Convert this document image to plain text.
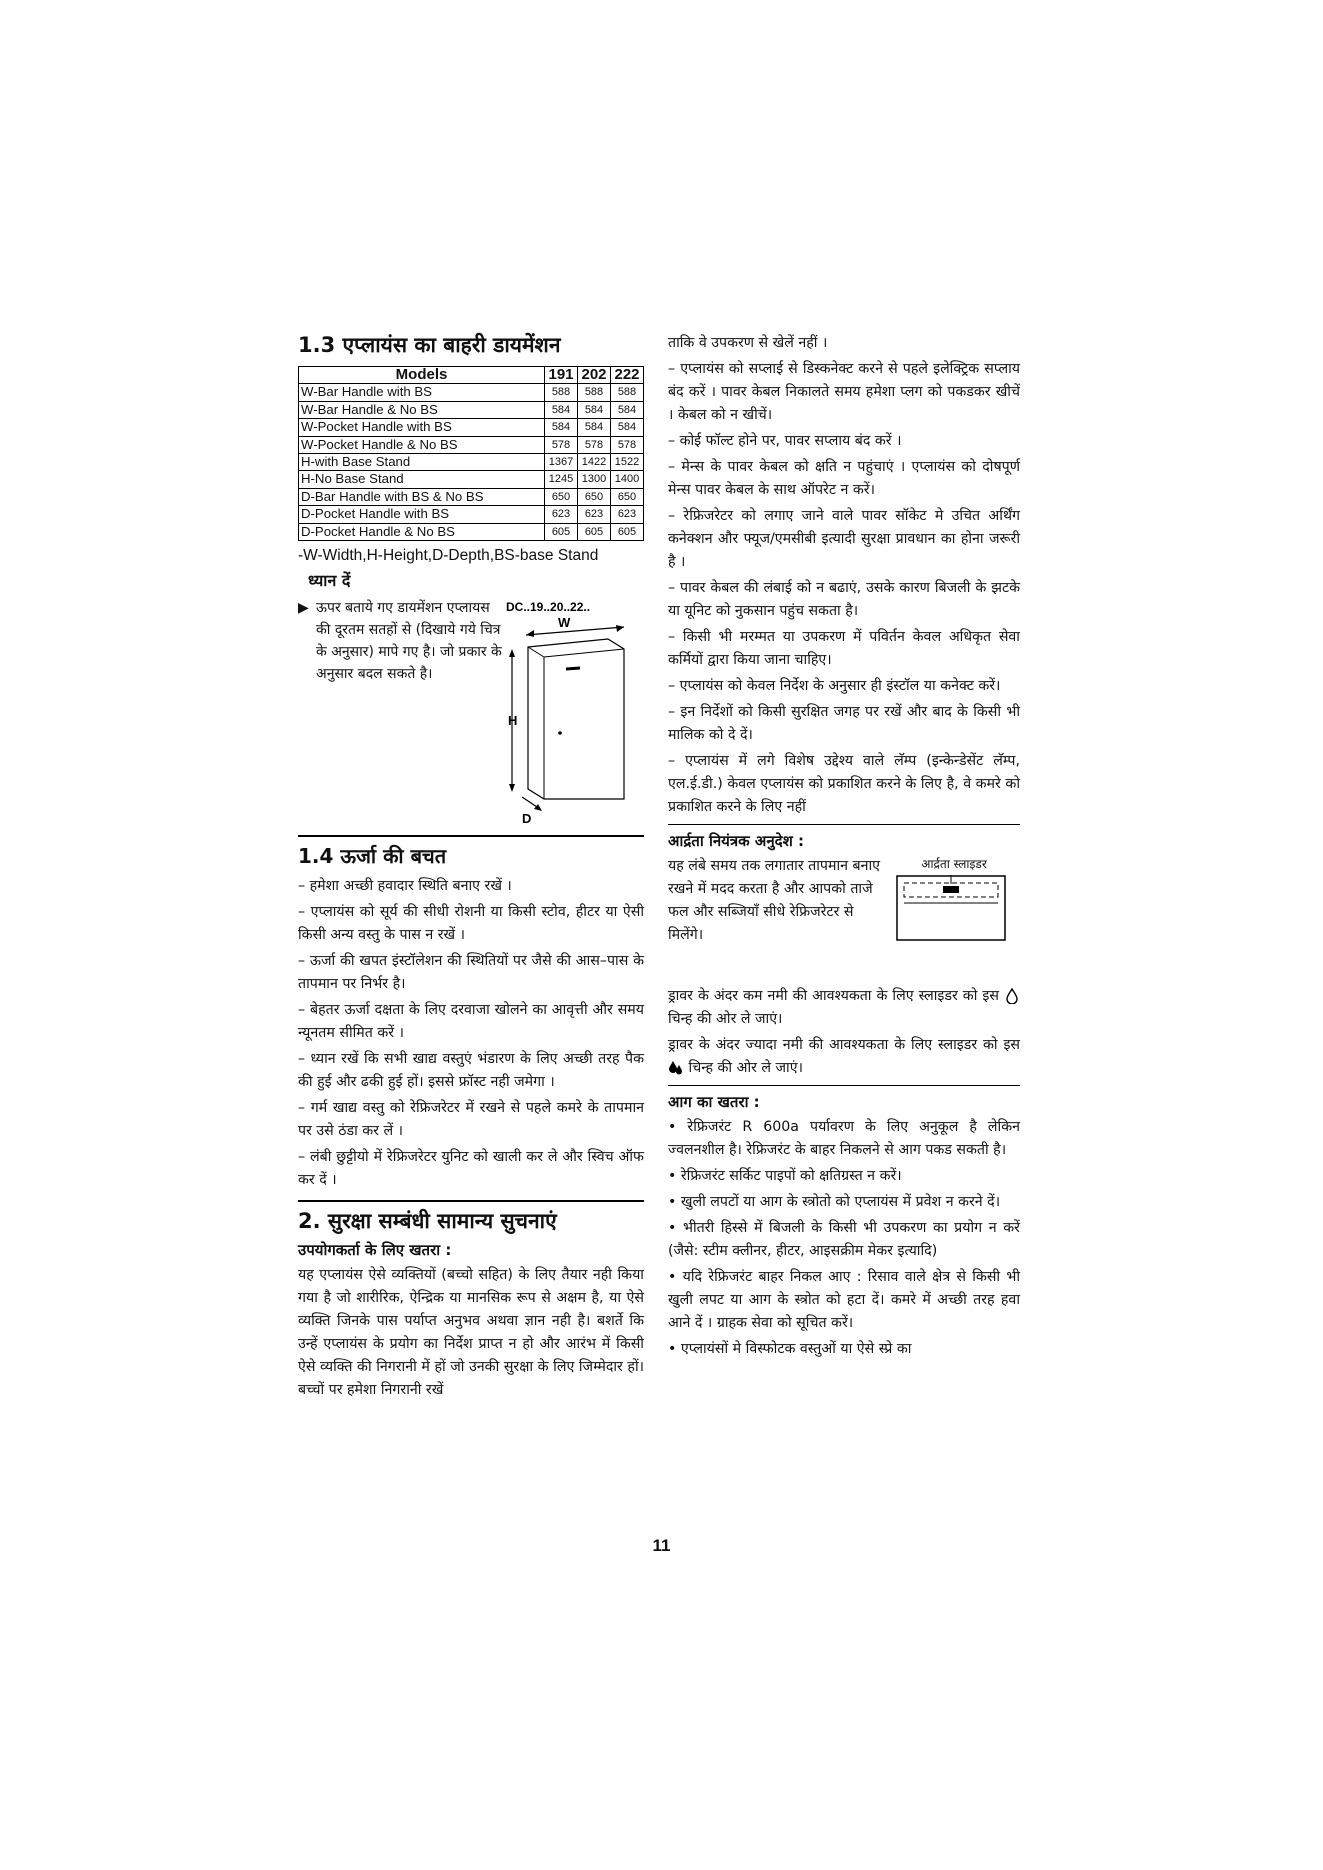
1.3 एप्लायंस का बाहरी डायमेंशन
Models	191	202	222
W-Bar Handle with BS	588	588	588
W-Bar Handle & No BS	584	584	584
W-Pocket Handle with BS	584	584	584
W-Pocket Handle & No BS	578	578	578
H-with Base Stand	1367	1422	1522
H-No Base Stand	1245	1300	1400
D-Bar Handle with BS & No BS	650	650	650
D-Pocket Handle with BS	623	623	623
D-Pocket Handle & No BS	605	605	605
-W-Width,H-Height,D-Depth,BS-base Stand
ध्यान दें
▶ ऊपर बताये गए डायमेंशन एप्लायस की दूरतम सतहों से (दिखाये गये चित्र के अनुसार) मापे गए है। जो प्रकार के अनुसार बदल सकते है।
DC..19..20..22..
W
H
D
1.4 ऊर्जा की बचत
– हमेशा अच्छी हवादार स्थिति बनाए रखें ।
– एप्लायंस को सूर्य की सीधी रोशनी या किसी स्टोव, हीटर या ऐसी किसी अन्य वस्तु के पास न रखें ।
– ऊर्जा की खपत इंस्टॉलेशन की स्थितियों पर जैसे की आस–पास के तापमान पर निर्भर है।
– बेहतर ऊर्जा दक्षता के लिए दरवाजा खोलने का आवृत्ती और समय न्यूनतम सीमित करें ।
– ध्यान रखें कि सभी खाद्य वस्तुएं भंडारण के लिए अच्छी तरह पैक की हुई और ढकी हुई हों। इससे फ्रॉस्ट नही जमेगा ।
– गर्म खाद्य वस्तु को रेफ्रिजरेटर में रखने से पहले कमरे के तापमान पर उसे ठंडा कर लें ।
– लंबी छुट्टीयो में रेफ्रिजरेटर युनिट को खाली कर ले और स्विच ऑफ कर दें ।
2. सुरक्षा सम्बंधी सामान्य सुचनाएं
उपयोगकर्ता के लिए खतरा :
यह एप्लायंस ऐसे व्यक्तियों (बच्चो सहित) के लिए तैयार नही किया गया है जो शारीरिक, ऐन्द्रिक या मानसिक रूप से अक्षम है, या ऐसे व्यक्ति जिनके पास पर्याप्त अनुभव अथवा ज्ञान नही है। बशर्ते कि उन्हें एप्लायंस के प्रयोग का निर्देश प्राप्त न हो और आरंभ में किसी ऐसे व्यक्ति की निगरानी में हों जो उनकी सुरक्षा के लिए जिम्मेदार हों। बच्चों पर हमेशा निगरानी रखें
ताकि वे उपकरण से खेलें नहीं ।
– एप्लायंस को सप्लाई से डिस्कनेक्ट करने से पहले इलेक्ट्रिक सप्लाय बंद करें । पावर केबल निकालते समय हमेशा प्लग को पकडकर खीचें । केबल को न खीचें।
– कोई फॉल्ट होने पर, पावर सप्लाय बंद करें ।
– मेन्स के पावर केबल को क्षति न पहुंचाएं । एप्लायंस को दोषपूर्ण मेन्स पावर केबल के साथ ऑपरेट न करें।
– रेफ्रिजरेटर को लगाए जाने वाले पावर सॉकेट मे उचित अर्थिंग कनेक्शन और फ्यूज/एमसीबी इत्यादी सुरक्षा प्रावधान का होना जरूरी है ।
– पावर केबल की लंबाई को न बढाएं, उसके कारण बिजली के झटके या यूनिट को नुकसान पहुंच सकता है।
– किसी भी मरम्मत या उपकरण में पविर्तन केवल अधिकृत सेवा कर्मियों द्वारा किया जाना चाहिए।
– एप्लायंस को केवल निर्देश के अनुसार ही इंस्टॉल या कनेक्ट करें।
– इन निर्देशों को किसी सुरक्षित जगह पर रखें और बाद के किसी भी मालिक को दे दें।
– एप्लायंस में लगे विशेष उद्देश्य वाले लॅम्प (इन्केन्डेसेंट लॅम्प, एल.ई.डी.) केवल एप्लायंस को प्रकाशित करने के लिए है, वे कमरे को प्रकाशित करने के लिए नहीं
आर्द्रता नियंत्रक अनुदेश :
यह लंबे समय तक लगातार तापमान बनाए रखने में मदद करता है और आपको ताजे फल और सब्जियाँ सीधे रेफ्रिजरेटर से मिलेंगे।
आर्द्रता स्लाइडर
ड्रावर के अंदर कम नमी की आवश्यकता के लिए स्लाइडर को इस  चिन्ह की ओर ले जाएं।
ड्रावर के अंदर ज्यादा नमी की आवश्यकता के लिए स्लाइडर को इस  चिन्ह की ओर ले जाएं।
आग का खतरा :
• रेफ्रिजरंट R 600a पर्यावरण के लिए अनुकूल है लेकिन ज्वलनशील है। रेफ्रिजरंट के बाहर निकलने से आग पकड सकती है।
• रेफ्रिजरंट सर्किट पाइपों को क्षतिग्रस्त न करें।
• खुली लपटों या आग के स्त्रोतो को एप्लायंस में प्रवेश न करने दें।
• भीतरी हिस्से में बिजली के किसी भी उपकरण का प्रयोग न करें (जैसे: स्टीम क्लीनर, हीटर, आइसक्रीम मेकर इत्यादि)
• यदि रेफ्रिजरंट बाहर निकल आए : रिसाव वाले क्षेत्र से किसी भी खुली लपट या आग के स्त्रोत को हटा दें। कमरे में अच्छी तरह हवा आने दें । ग्राहक सेवा को सूचित करें।
• एप्लायंसों मे विस्फोटक वस्तुओं या ऐसे स्प्रे का
11
